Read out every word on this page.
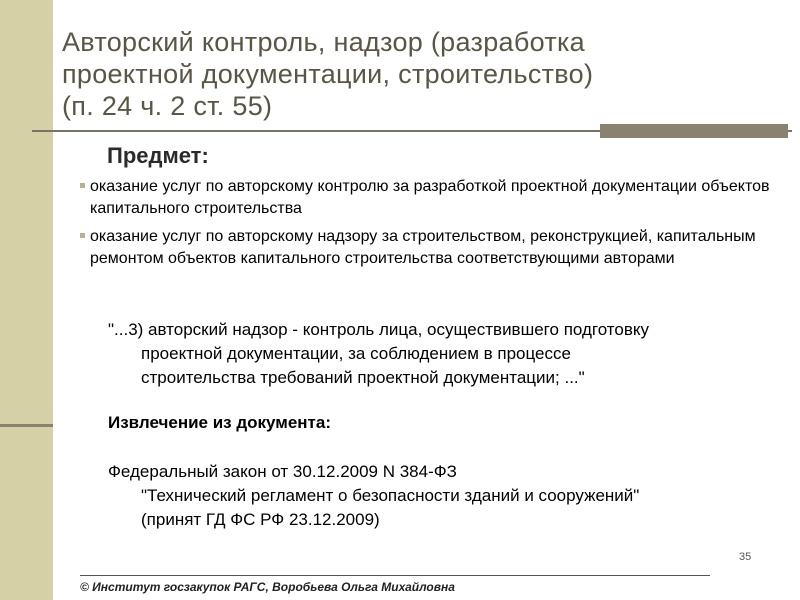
Авторский контроль, надзор (разработка
проектной документации, строительство)
(п. 24 ч. 2 ст. 55)
Предмет:
оказание услуг по авторскому контролю за разработкой проектной документации объектов капитального строительства
оказание услуг по авторскому надзору за строительством, реконструкцией, капитальным ремонтом объектов капитального строительства соответствующими авторами
"...3) авторский надзор - контроль лица, осуществившего подготовку
проектной документации, за соблюдением в процессе
строительства требований проектной документации; ..."
Извлечение из документа:
Федеральный закон от 30.12.2009 N 384-ФЗ
"Технический регламент о безопасности зданий и сооружений"
(принят ГД ФС РФ 23.12.2009)
35
© Институт госзакупок РАГС, Воробьева Ольга Михайловна
